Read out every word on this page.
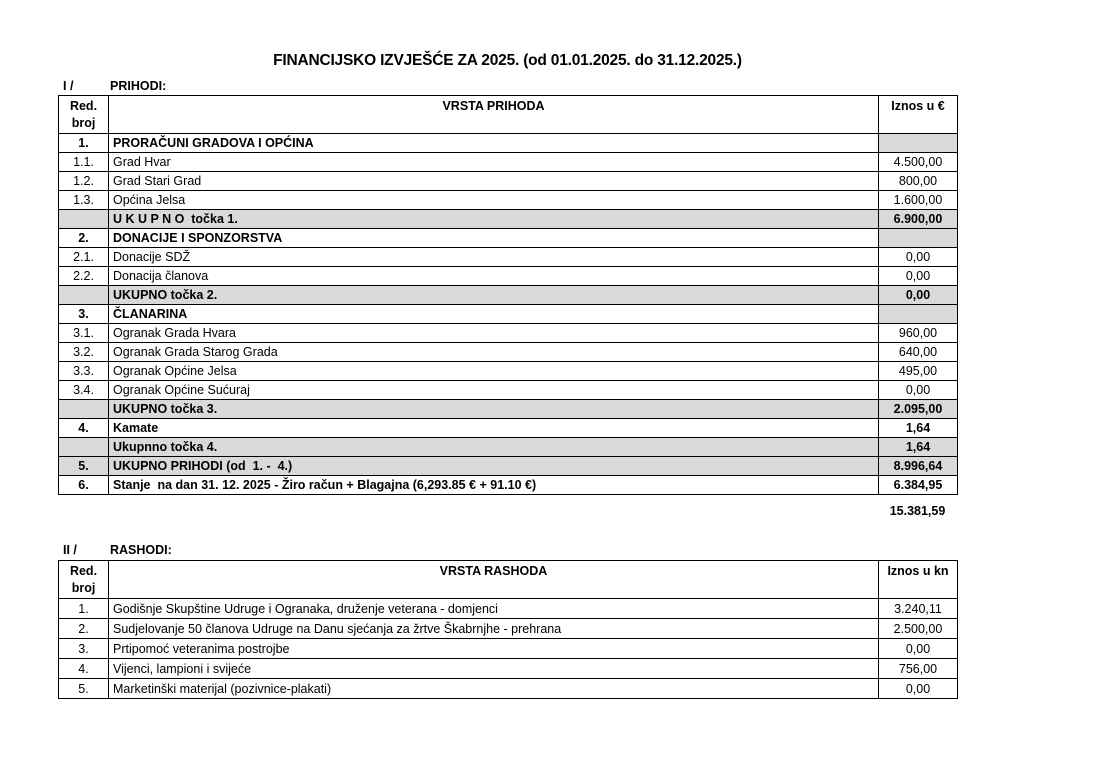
FINANCIJSKO IZVJEŠĆE ZA 2025. (od 01.01.2025. do 31.12.2025.)
I /	PRIHODI:
Red.
broj	VRSTA PRIHODA	Iznos u €
1.	PRORAČUNI GRADOVA I OPĆINA	
1.1.	Grad Hvar	4.500,00
1.2.	Grad Stari Grad	800,00
1.3.	Općina Jelsa	1.600,00
	U K U P N O  točka 1.	6.900,00
2.	DONACIJE I SPONZORSTVA	
2.1.	Donacije SDŽ	0,00
2.2.	Donacija članova	0,00
	UKUPNO točka 2.	0,00
3.	ČLANARINA	
3.1.	Ogranak Grada Hvara	960,00
3.2.	Ogranak Grada Starog Grada	640,00
3.3.	Ogranak Općine Jelsa	495,00
3.4.	Ogranak Općine Sućuraj	0,00
	UKUPNO točka 3.	2.095,00
4.	Kamate	1,64
	Ukupnno točka 4.	1,64
5.	UKUPNO PRIHODI (od  1. -  4.)	8.996,64
6.	Stanje  na dan 31. 12. 2025 - Žiro račun + Blagajna (6,293.85 € + 91.10 €)	6.384,95
15.381,59
II /	RASHODI:
Red.
broj	VRSTA RASHODA	Iznos u kn
1.	Godišnje Skupštine Udruge i Ogranaka, druženje veterana - domjenci	3.240,11
2.	Sudjelovanje 50 članova Udruge na Danu sjećanja za žrtve Škabrnjhe - prehrana	2.500,00
3.	Prtipomoć veteranima postrojbe	0,00
4.	Vijenci, lampioni i svijeće	756,00
5.	Marketinški materijal (pozivnice-plakati)	0,00
